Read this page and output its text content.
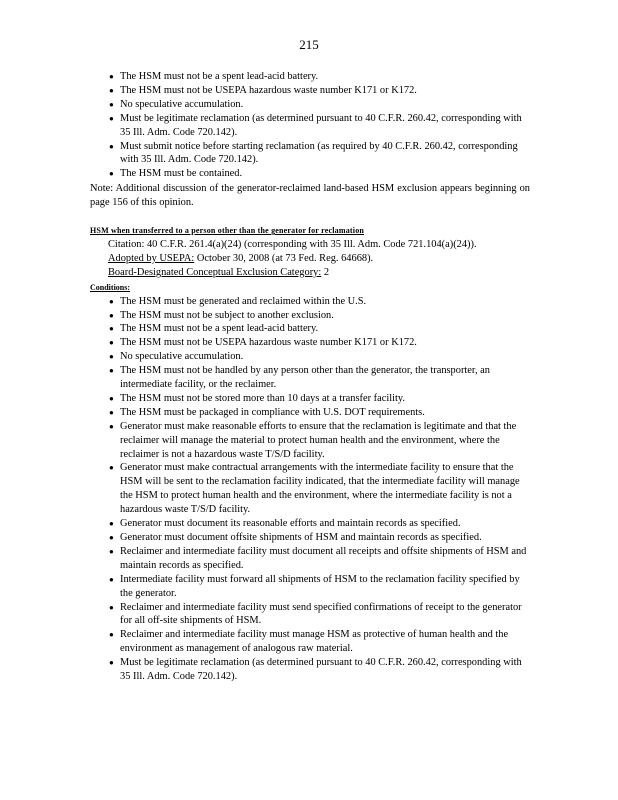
215
● The HSM must not be a spent lead-acid battery.
● The HSM must not be USEPA hazardous waste number K171 or K172.
● No speculative accumulation.
● Must be legitimate reclamation (as determined pursuant to 40 C.F.R. 260.42, corresponding with 35 Ill. Adm. Code 720.142).
● Must submit notice before starting reclamation (as required by 40 C.F.R. 260.42, corresponding with 35 Ill. Adm. Code 720.142).
● The HSM must be contained.
Note: Additional discussion of the generator-reclaimed land-based HSM exclusion appears beginning on page 156 of this opinion.
HSM when transferred to a person other than the generator for reclamation
Citation: 40 C.F.R. 261.4(a)(24) (corresponding with 35 Ill. Adm. Code 721.104(a)(24)).
Adopted by USEPA: October 30, 2008 (at 73 Fed. Reg. 64668).
Board-Designated Conceptual Exclusion Category: 2
Conditions:
● The HSM must be generated and reclaimed within the U.S.
● The HSM must not be subject to another exclusion.
● The HSM must not be a spent lead-acid battery.
● The HSM must not be USEPA hazardous waste number K171 or K172.
● No speculative accumulation.
● The HSM must not be handled by any person other than the generator, the transporter, an intermediate facility, or the reclaimer.
● The HSM must not be stored more than 10 days at a transfer facility.
● The HSM must be packaged in compliance with U.S. DOT requirements.
● Generator must make reasonable efforts to ensure that the reclamation is legitimate and that the reclaimer will manage the material to protect human health and the environment, where the reclaimer is not a hazardous waste T/S/D facility.
● Generator must make contractual arrangements with the intermediate facility to ensure that the HSM will be sent to the reclamation facility indicated, that the intermediate facility will manage the HSM to protect human health and the environment, where the intermediate facility is not a hazardous waste T/S/D facility.
● Generator must document its reasonable efforts and maintain records as specified.
● Generator must document offsite shipments of HSM and maintain records as specified.
● Reclaimer and intermediate facility must document all receipts and offsite shipments of HSM and maintain records as specified.
● Intermediate facility must forward all shipments of HSM to the reclamation facility specified by the generator.
● Reclaimer and intermediate facility must send specified confirmations of receipt to the generator for all off-site shipments of HSM.
● Reclaimer and intermediate facility must manage HSM as protective of human health and the environment as management of analogous raw material.
● Must be legitimate reclamation (as determined pursuant to 40 C.F.R. 260.42, corresponding with 35 Ill. Adm. Code 720.142).
